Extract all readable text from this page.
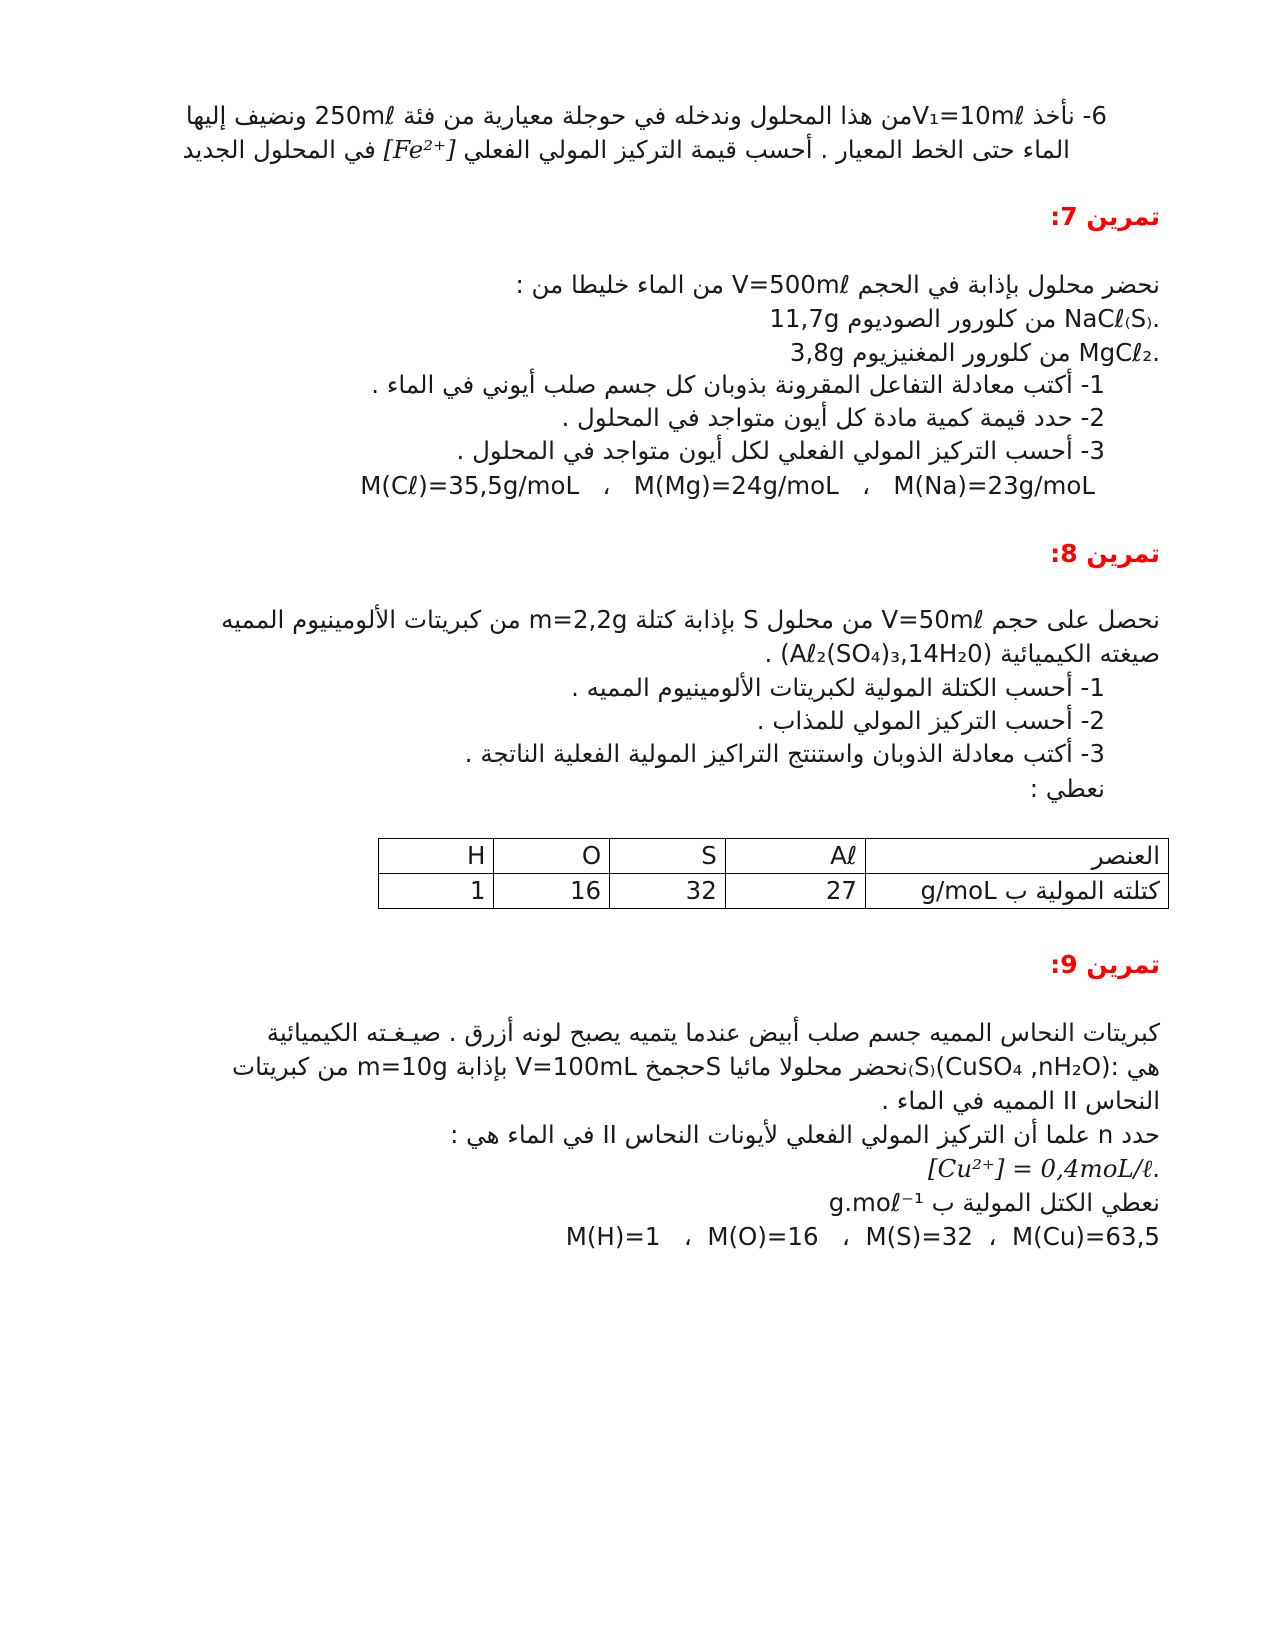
6- نأخذ V₁=10mℓمن هذا المحلول وندخله في حوجلة معيارية من فئة 250mℓ ونضيف إليها
الماء حتى الخط المعيار . أحسب قيمة التركيز المولي الفعلي [Fe²⁺] في المحلول الجديد
تمرين 7:
نحضر محلول بإذابة في الحجم V=500mℓ من الماء خليطا من :
11,7g من كلورور الصوديوم NaCℓ₍S₎.
3,8g من كلورور المغنيزيوم MgCℓ₂.
1- أكتب معادلة التفاعل المقرونة بذوبان كل جسم صلب أيوني في الماء .
2- حدد قيمة كمية مادة كل أيون متواجد في المحلول .
3- أحسب التركيز المولي الفعلي لكل أيون متواجد في المحلول .
M(Cℓ)=35,5g/moL   ،   M(Mg)=24g/moL   ،   M(Na)=23g/moL
تمرين 8:
نحصل على حجم V=50mℓ من محلول S بإذابة كتلة m=2,2g من كبريتات الألومينيوم المميه
صيغته الكيميائية (Aℓ₂(SO₄)₃,14H₂0) .
1- أحسب الكتلة المولية لكبريتات الألومينيوم المميه .
2- أحسب التركيز المولي للمذاب .
3- أكتب معادلة الذوبان واستنتج التراكيز المولية الفعلية الناتجة .
نعطي :
H	O	S	Aℓ	العنصر
1	16	32	27	كتلته المولية ب g/moL
تمرين 9:
كبريتات النحاس المميه جسم صلب أبيض عندما يتميه يصبح لونه أزرق . صيـغـته الكيميائية
هي :(CuSO₄ ,nH₂O)₍S₎نحضر محلولا مائيا Sحجمخ V=100mL بإذابة m=10g من كبريتات
النحاس II المميه في الماء .
حدد n علما أن التركيز المولي الفعلي لأيونات النحاس II في الماء هي :
[Cu²⁺] = 0,4moL/ℓ.
نعطي الكتل المولية ب g.moℓ⁻¹
M(H)=1   ،  M(O)=16   ،  M(S)=32  ،  M(Cu)=63,5
